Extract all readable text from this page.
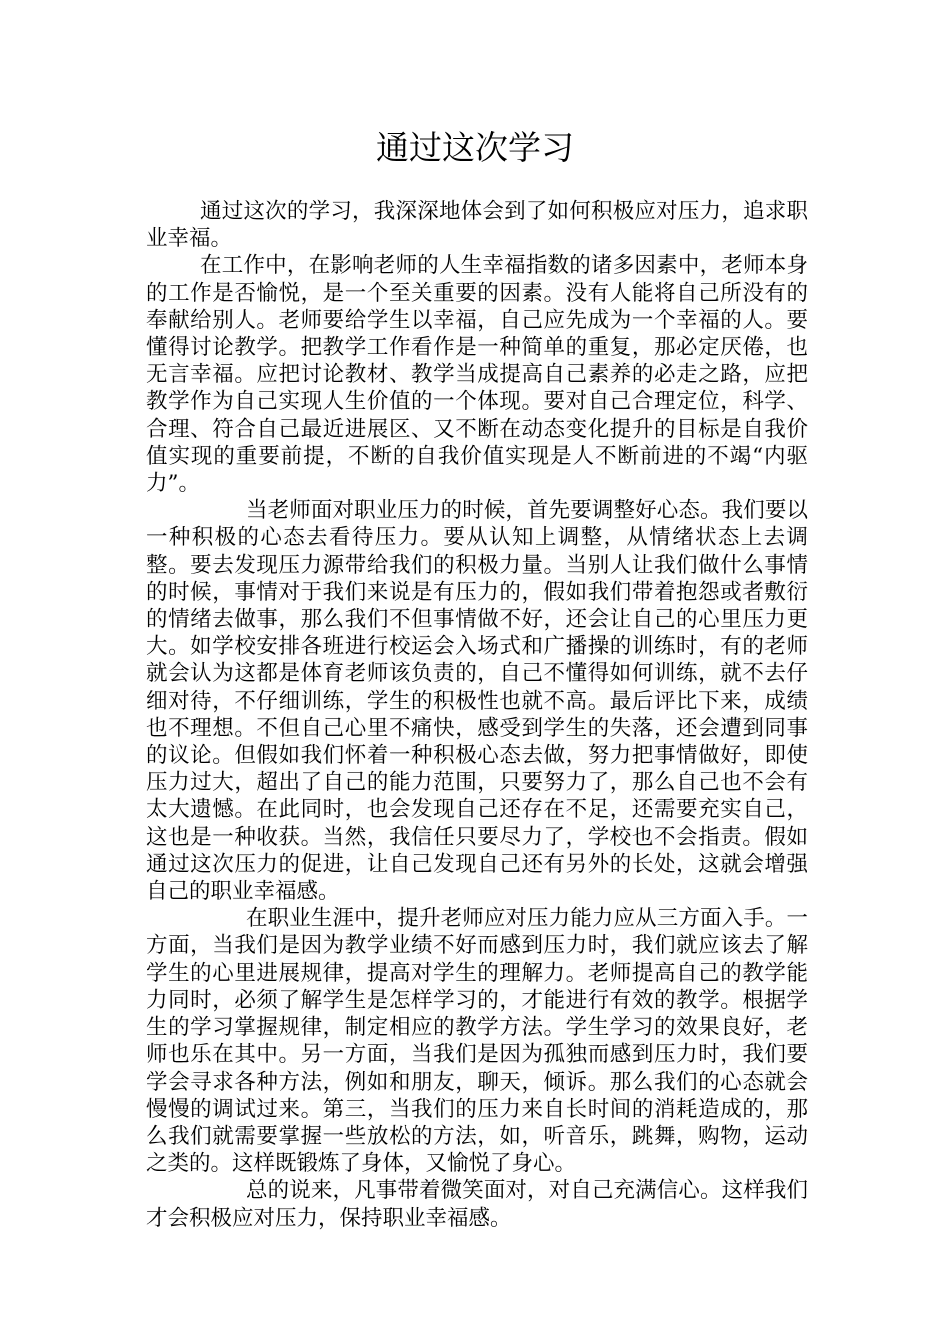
通过这次学习

通过这次的学习，我深深地体会到了如何积极应对压力，追求职业幸福。

在工作中，在影响老师的人生幸福指数的诸多因素中，老师本身的工作是否愉悦，是一个至关重要的因素。没有人能将自己所没有的奉献给别人。老师要给学生以幸福，自己应先成为一个幸福的人。要懂得讨论教学。把教学工作看作是一种简单的重复，那必定厌倦，也无言幸福。应把讨论教材、教学当成提高自己素养的必走之路，应把教学作为自己实现人生价值的一个体现。要对自己合理定位，科学、合理、符合自己最近进展区、又不断在动态变化提升的目标是自我价值实现的重要前提，不断的自我价值实现是人不断前进的不竭“内驱力”。

当老师面对职业压力的时候，首先要调整好心态。我们要以一种积极的心态去看待压力。要从认知上调整，从情绪状态上去调整。要去发现压力源带给我们的积极力量。当别人让我们做什么事情的时候，事情对于我们来说是有压力的，假如我们带着抱怨或者敷衍的情绪去做事，那么我们不但事情做不好，还会让自己的心里压力更大。如学校安排各班进行校运会入场式和广播操的训练时，有的老师就会认为这都是体育老师该负责的，自己不懂得如何训练，就不去仔细对待，不仔细训练，学生的积极性也就不高。最后评比下来，成绩也不理想。不但自己心里不痛快，感受到学生的失落，还会遭到同事的议论。但假如我们怀着一种积极心态去做，努力把事情做好，即使压力过大，超出了自己的能力范围，只要努力了，那么自己也不会有太大遗憾。在此同时，也会发现自己还存在不足，还需要充实自己，这也是一种收获。当然，我信任只要尽力了，学校也不会指责。假如通过这次压力的促进，让自己发现自己还有另外的长处，这就会增强自己的职业幸福感。

在职业生涯中，提升老师应对压力能力应从三方面入手。一方面，当我们是因为教学业绩不好而感到压力时，我们就应该去了解学生的心里进展规律，提高对学生的理解力。老师提高自己的教学能力同时，必须了解学生是怎样学习的，才能进行有效的教学。根据学生的学习掌握规律，制定相应的教学方法。学生学习的效果良好，老师也乐在其中。另一方面，当我们是因为孤独而感到压力时，我们要学会寻求各种方法，例如和朋友，聊天，倾诉。那么我们的心态就会慢慢的调试过来。第三，当我们的压力来自长时间的消耗造成的，那么我们就需要掌握一些放松的方法，如，听音乐，跳舞，购物，运动之类的。这样既锻炼了身体，又愉悦了身心。

总的说来，凡事带着微笑面对，对自己充满信心。这样我们才会积极应对压力，保持职业幸福感。
